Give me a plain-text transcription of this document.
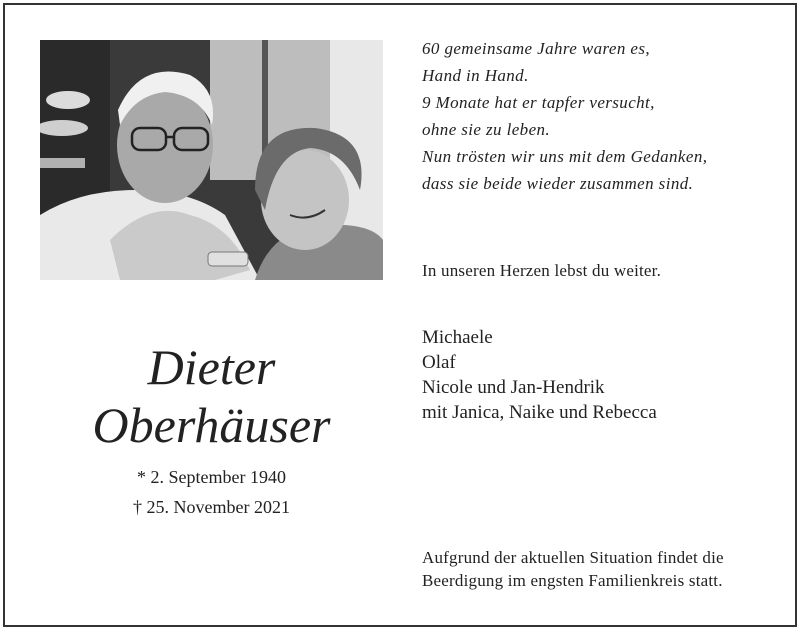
Dieter
Oberhäuser
* 2. September 1940
† 25. November 2021
60 gemeinsame Jahre waren es,
Hand in Hand.
9 Monate hat er tapfer versucht,
ohne sie zu leben.
Nun trösten wir uns mit dem Gedanken,
dass sie beide wieder zusammen sind.
In unseren Herzen lebst du weiter.
Michaele
Olaf
Nicole und Jan-Hendrik
mit Janica, Naike und Rebecca
Aufgrund der aktuellen Situation findet die
Beerdigung im engsten Familienkreis statt.
